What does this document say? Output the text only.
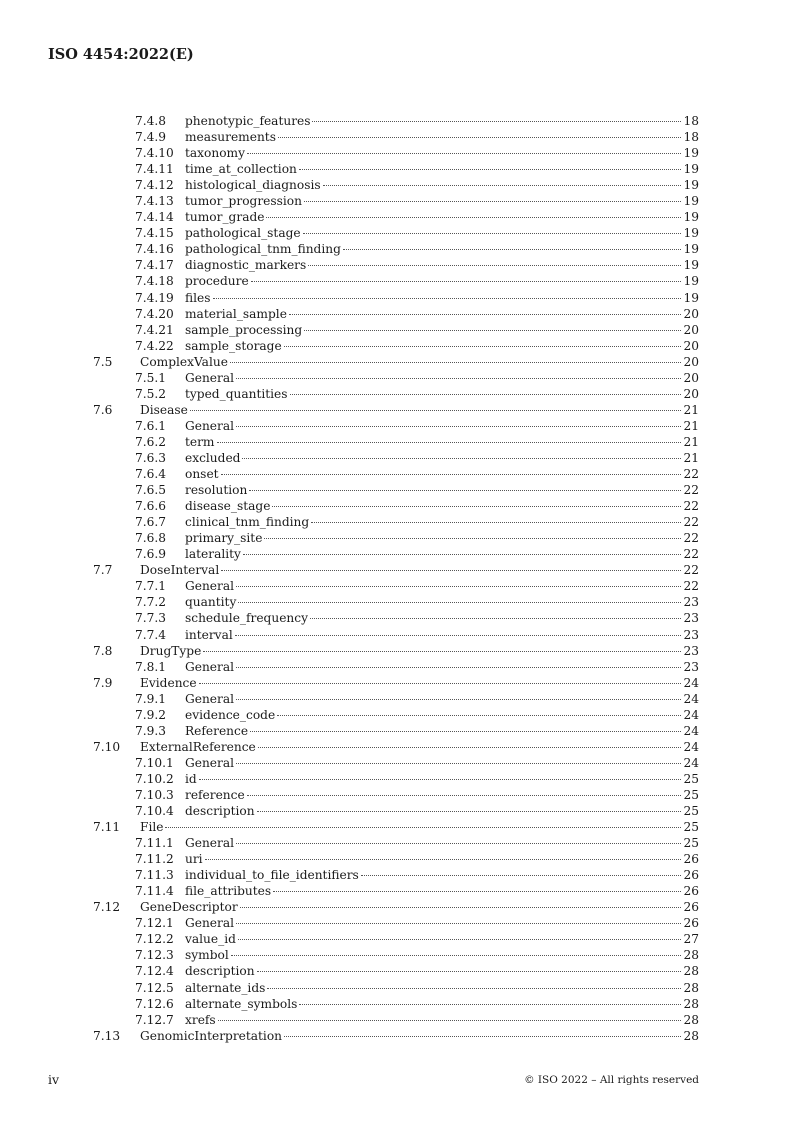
ISO 4454:2022(E)
7.4.8	phenotypic_features	18
7.4.9	measurements	18
7.4.10 taxonomy	19
7.4.11 time_at_collection	19
7.4.12 histological_diagnosis	19
7.4.13 tumor_progression	19
7.4.14 tumor_grade	19
7.4.15 pathological_stage	19
7.4.16 pathological_tnm_finding	19
7.4.17 diagnostic_markers	19
7.4.18 procedure	19
7.4.19 files	19
7.4.20 material_sample	20
7.4.21 sample_processing	20
7.4.22 sample_storage	20
7.5	ComplexValue	20
7.5.1	General	20
7.5.2	typed_quantities	20
7.6	Disease	21
7.6.1	General	21
7.6.2	term	21
7.6.3	excluded	21
7.6.4	onset	22
7.6.5	resolution	22
7.6.6	disease_stage	22
7.6.7	clinical_tnm_finding	22
7.6.8	primary_site	22
7.6.9	laterality	22
7.7	DoseInterval	22
7.7.1	General	22
7.7.2	quantity	23
7.7.3	schedule_frequency	23
7.7.4	interval	23
7.8	DrugType	23
7.8.1	General	23
7.9	Evidence	24
7.9.1	General	24
7.9.2	evidence_code	24
7.9.3	Reference	24
7.10	ExternalReference	24
7.10.1 General	24
7.10.2 id	25
7.10.3 reference	25
7.10.4 description	25
7.11	File	25
7.11.1 General	25
7.11.2 uri	26
7.11.3 individual_to_file_identifiers	26
7.11.4 file_attributes	26
7.12	GeneDescriptor	26
7.12.1 General	26
7.12.2 value_id	27
7.12.3 symbol	28
7.12.4 description	28
7.12.5 alternate_ids	28
7.12.6 alternate_symbols	28
7.12.7 xrefs	28
7.13	GenomicInterpretation	28
iv	© ISO 2022 – All rights reserved
